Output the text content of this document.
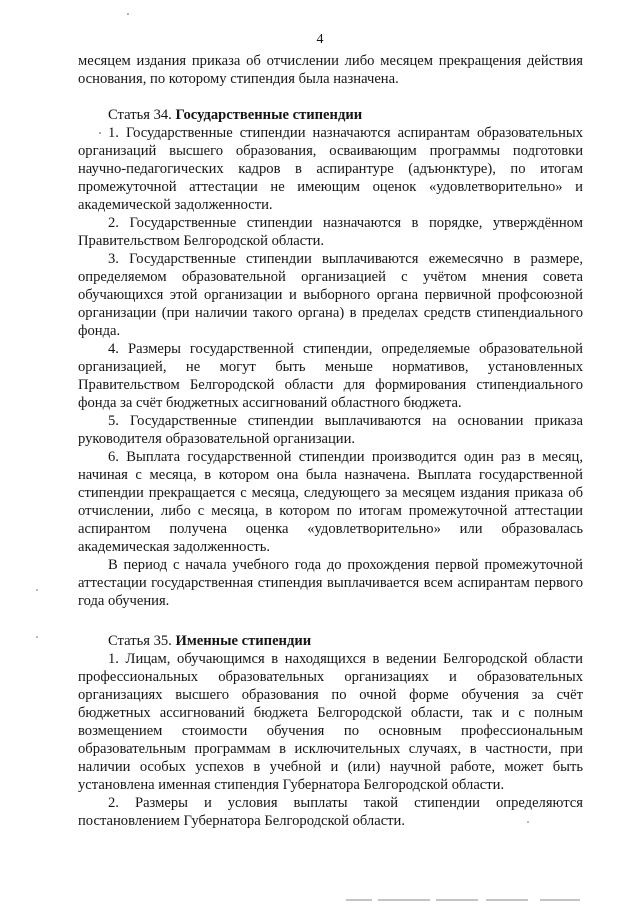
4

месяцем издания приказа об отчислении либо месяцем прекращения действия основания, по которому стипендия была назначена.

Статья 34. Государственные стипендии

1. Государственные стипендии назначаются аспирантам образовательных организаций высшего образования, осваивающим программы подготовки научно-педагогических кадров в аспирантуре (адъюнктуре), по итогам промежуточной аттестации не имеющим оценок «удовлетворительно» и академической задолженности.

2. Государственные стипендии назначаются в порядке, утверждённом Правительством Белгородской области.

3. Государственные стипендии выплачиваются ежемесячно в размере, определяемом образовательной организацией с учётом мнения совета обучающихся этой организации и выборного органа первичной профсоюзной организации (при наличии такого органа) в пределах средств стипендиального фонда.

4. Размеры государственной стипендии, определяемые образовательной организацией, не могут быть меньше нормативов, установленных Правительством Белгородской области для формирования стипендиального фонда за счёт бюджетных ассигнований областного бюджета.

5. Государственные стипендии выплачиваются на основании приказа руководителя образовательной организации.

6. Выплата государственной стипендии производится один раз в месяц, начиная с месяца, в котором она была назначена. Выплата государственной стипендии прекращается с месяца, следующего за месяцем издания приказа об отчислении, либо с месяца, в котором по итогам промежуточной аттестации аспирантом получена оценка «удовлетворительно» или образовалась академическая задолженность.

В период с начала учебного года до прохождения первой промежуточной аттестации государственная стипендия выплачивается всем аспирантам первого года обучения.

Статья 35. Именные стипендии

1. Лицам, обучающимся в находящихся в ведении Белгородской области профессиональных образовательных организациях и образовательных организациях высшего образования по очной форме обучения за счёт бюджетных ассигнований бюджета Белгородской области, так и с полным возмещением стоимости обучения по основным профессиональным образовательным программам в исключительных случаях, в частности, при наличии особых успехов в учебной и (или) научной работе, может быть установлена именная стипендия Губернатора Белгородской области.

2. Размеры и условия выплаты такой стипендии определяются постановлением Губернатора Белгородской области.
